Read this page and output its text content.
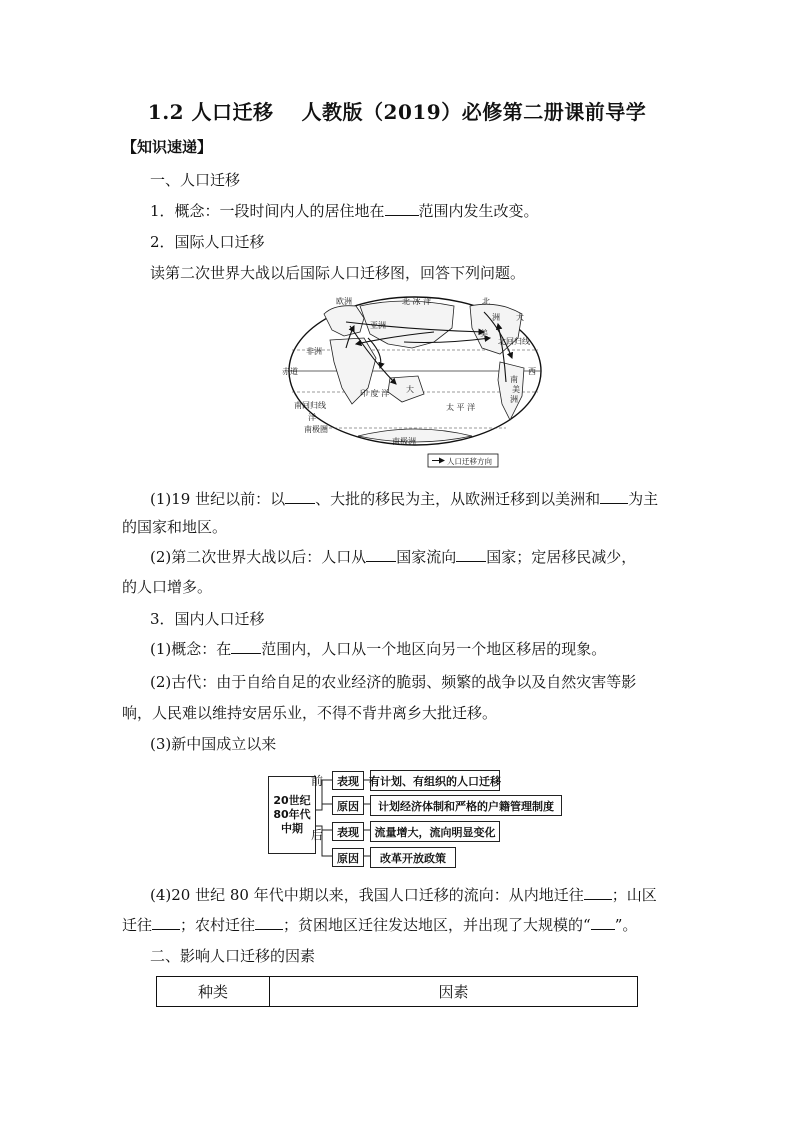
1.2 人口迁移 人教版（2019）必修第二册课前导学
【知识速递】
一、人口迁移
1．概念：一段时间内人的居住地在 范围内发生改变。
2．国际人口迁移
读第二次世界大战以后国际人口迁移图，回答下列问题。
北 冰 洋
欧洲
亚洲
非洲
赤道
印 度 洋
南回归线
大
太 平 洋
北
美
洲
北回归线
南
美
洲
南极圈
南极洲
洋
西
大
人口迁移方向
(1)19 世纪以前：以 、大批的移民为主，从欧洲迁移到以美洲和 为主
的国家和地区。
(2)第二次世界大战以后：人口从 国家流向 国家；定居移民减少，
的人口增多。
3．国内人口迁移
(1)概念：在 范围内，人口从一个地区向另一个地区移居的现象。
(2)古代：由于自给自足的农业经济的脆弱、频繁的战争以及自然灾害等影
响，人民难以维持安居乐业，不得不背井离乡大批迁移。
(3)新中国成立以来
20世纪
80年代
中期
前
后
表现 有计划、有组织的人口迁移
原因	计划经济体制和严格的户籍管理制度
表现	流量增大，流向明显变化
原因	改革开放政策
(4)20 世纪 80 年代中期以来，我国人口迁移的流向：从内地迁往 ；山区
迁往 ；农村迁往 ；贫困地区迁往发达地区，并出现了大规模的“ ”。
二、影响人口迁移的因素
种类	因素
